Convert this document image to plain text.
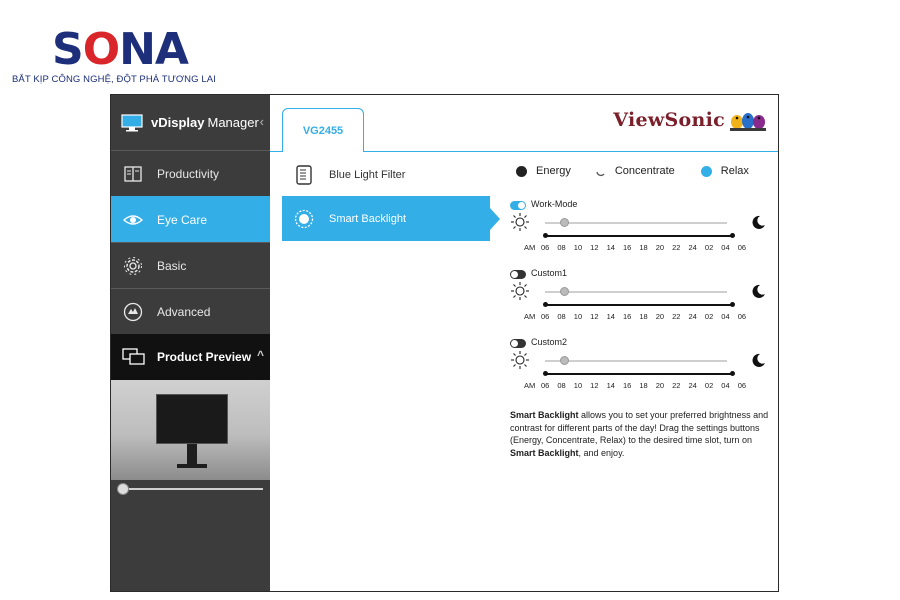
SONA
BẮT KỊP CÔNG NGHỆ, ĐỘT PHÁ TƯƠNG LAI
vDisplay Manager ‹
Productivity
Eye Care
Basic
Advanced
Product Preview ^
VG2455	ViewSonic
Blue Light Filter
Smart Backlight
Energy	Concentrate	Relax
Work-Mode
AM 06	08	10	12	14	16	18	20	22	24	02	04	06
Custom1
AM 06	08	10	12	14	16	18	20	22	24	02	04	06
Custom2
AM 06	08	10	12	14	16	18	20	22	24	02	04	06
Smart Backlight allows you to set your preferred brightness and contrast for different parts of the day! Drag the settings buttons (Energy, Concentrate, Relax) to the desired time slot, turn on Smart Backlight, and enjoy.
